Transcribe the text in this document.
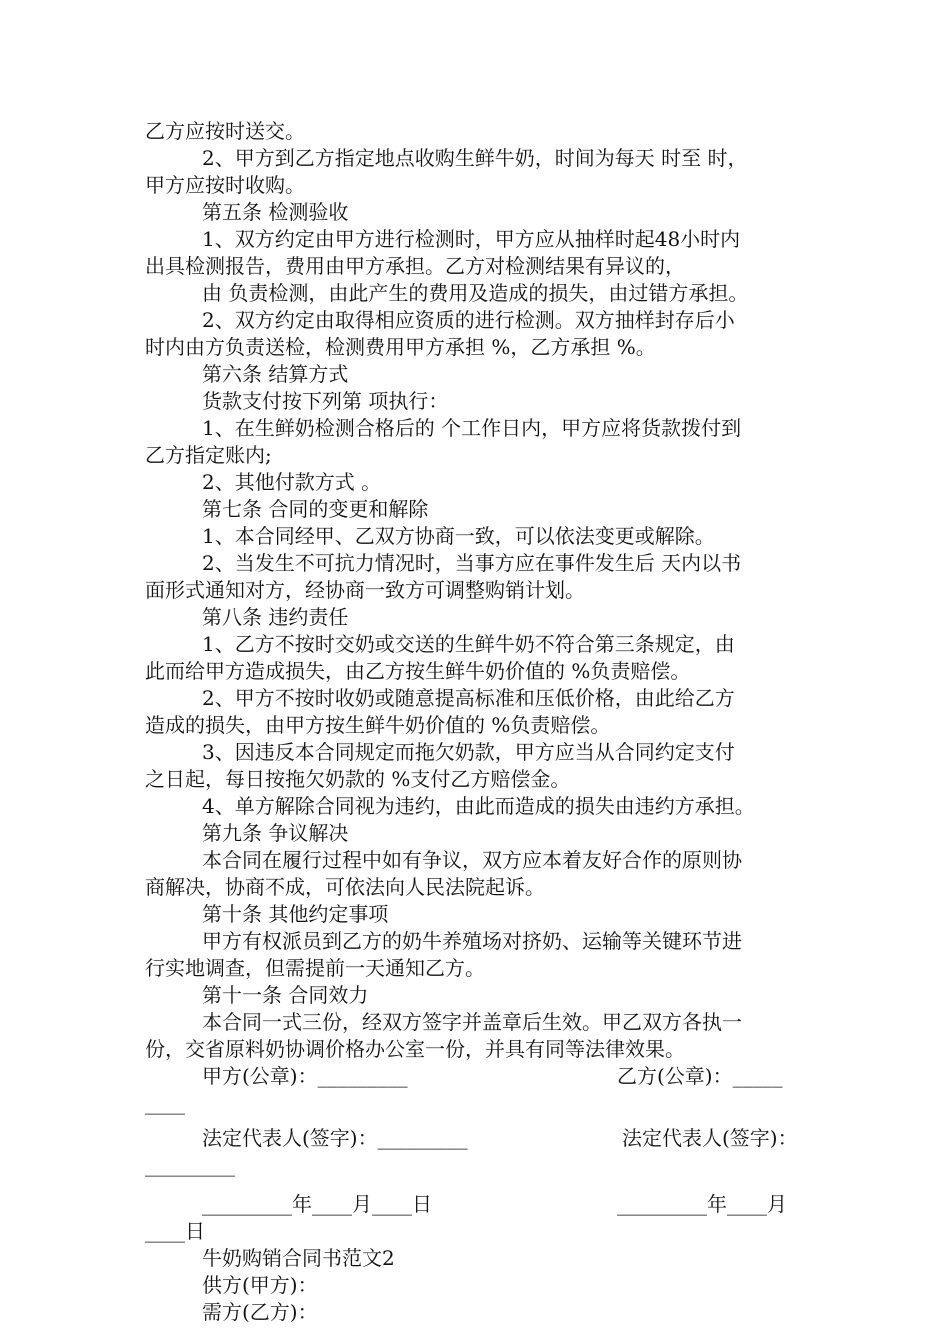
乙方应按时送交。
2、甲方到乙方指定地点收购生鲜牛奶，时间为每天 时至 时，
甲方应按时收购。
第五条 检测验收
1、双方约定由甲方进行检测时，甲方应从抽样时起48小时内
出具检测报告，费用由甲方承担。乙方对检测结果有异议的，
由 负责检测，由此产生的费用及造成的损失，由过错方承担。
2、双方约定由取得相应资质的进行检测。双方抽样封存后小
时内由方负责送检，检测费用甲方承担 %，乙方承担 %。
第六条 结算方式
货款支付按下列第 项执行：
1、在生鲜奶检测合格后的 个工作日内，甲方应将货款拨付到
乙方指定账内;
2、其他付款方式 。
第七条 合同的变更和解除
1、本合同经甲、乙双方协商一致，可以依法变更或解除。
2、当发生不可抗力情况时，当事方应在事件发生后 天内以书
面形式通知对方，经协商一致方可调整购销计划。
第八条 违约责任
1、乙方不按时交奶或交送的生鲜牛奶不符合第三条规定，由
此而给甲方造成损失，由乙方按生鲜牛奶价值的 %负责赔偿。
2、甲方不按时收奶或随意提高标准和压低价格，由此给乙方
造成的损失，由甲方按生鲜牛奶价值的 %负责赔偿。
3、因违反本合同规定而拖欠奶款，甲方应当从合同约定支付
之日起，每日按拖欠奶款的 %支付乙方赔偿金。
4、单方解除合同视为违约，由此而造成的损失由违约方承担。
第九条 争议解决
本合同在履行过程中如有争议，双方应本着友好合作的原则协
商解决，协商不成，可依法向人民法院起诉。
第十条 其他约定事项
甲方有权派员到乙方的奶牛养殖场对挤奶、运输等关键环节进
行实地调查，但需提前一天通知乙方。
第十一条 合同效力
本合同一式三份，经双方签字并盖章后生效。甲乙双方各执一
份，交省原料奶协调价格办公室一份，并具有同等法律效果。
甲方(公章)：_________	乙方(公章)：_____
____
法定代表人(签字)：_________	法定代表人(签字)：
_________
_________年____月____日	_________年____月
____日
牛奶购销合同书范文2
供方(甲方)：
需方(乙方)：
